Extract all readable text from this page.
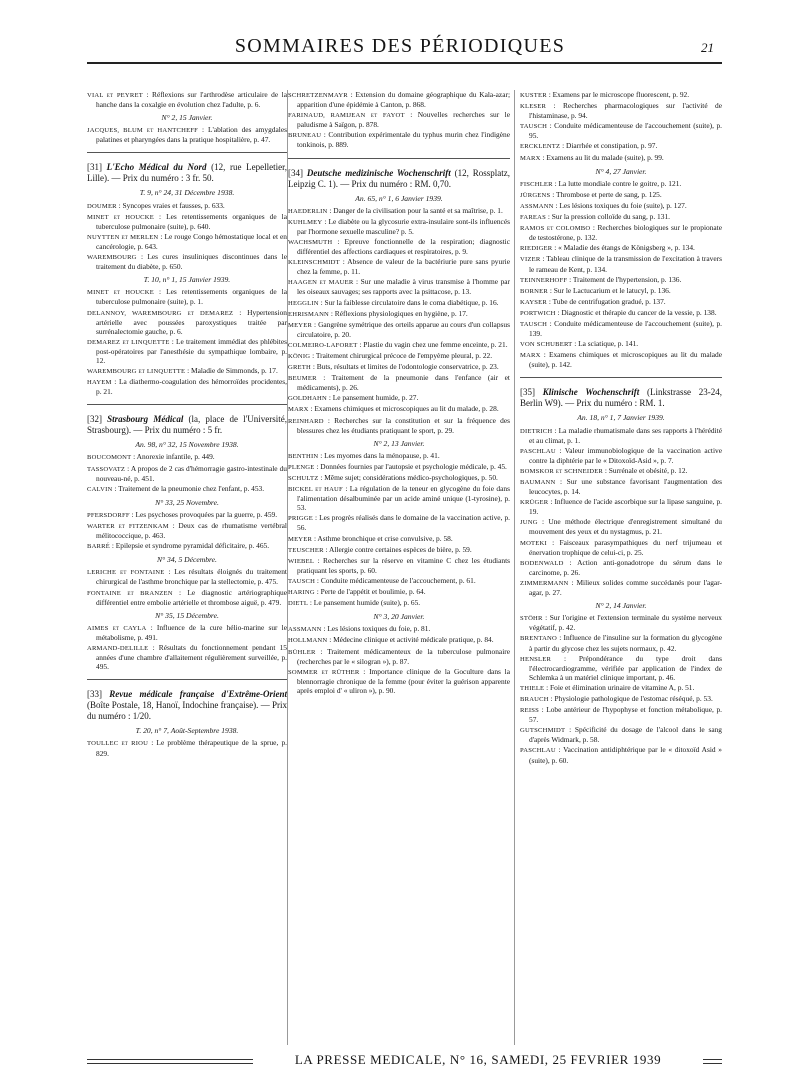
SOMMAIRES DES PÉRIODIQUES	21
VIAL et PEYRET : Réflexions sur l'arthrodèse articulaire de la hanche dans la coxalgie en évolution chez l'adulte, p. 6.
N° 2, 15 Janvier.
JACQUES, BLUM et HANTCHEFF : L'ablation des amygdales palatines et pharyngées dans la pratique hospitalière, p. 47.
[31] L'Echo Médical du Nord (12, rue Lepelletier, Lille). — Prix du numéro : 3 fr. 50.
T. 9, n° 24, 31 Décembre 1938.
DOUMER : Syncopes vraies et fausses, p. 633.
MINET et HOUCKE : Les retentissements organiques de la tuberculose pulmonaire (suite), p. 640.
NUYTTEN et MERLEN : Le rouge Congo hémostatique local et en cancérologie, p. 643.
WAREMBOURG : Les cures insuliniques discontinues dans le traitement du diabète, p. 650.
T. 10, n° 1, 15 Janvier 1939.
MINET et HOUCKE : Les retentissements organiques de la tuberculose pulmonaire (suite), p. 1.
DELANNOY, WAREMBOURG et DEMAREZ : Hypertension artérielle avec poussées paroxystiques traitée par surrénalectomie gauche, p. 6.
DEMAREZ et LINQUETTE : Le traitement immédiat des phlébites post-opératoires par l'anesthésie du sympathique lombaire, p. 12.
WAREMBOURG et LINQUETTE : Maladie de Simmonds, p. 17.
HAYEM : La diathermo-coagulation des hémorroïdes procidentes, p. 21.
[32] Strasbourg Médical (la, place de l'Université, Strasbourg). — Prix du numéro : 5 fr.
An. 98, n° 32, 15 Novembre 1938.
BOUCOMONT : Anorexie infantile, p. 449.
TASSOVATZ : A propos de 2 cas d'hémorragie gastro-intestinale du nouveau-né, p. 451.
CALVIN : Traitement de la pneumonie chez l'enfant, p. 453.
N° 33, 25 Novembre.
PFERSDORFF : Les psychoses provoquées par la guerre, p. 459.
WARTER et FITZENKAM : Deux cas de rhumatisme vertébral mélitococcique, p. 463.
BARRÉ : Epilepsie et syndrome pyramidal déficitaire, p. 465.
N° 34, 5 Décembre.
LERICHE et FONTAINE : Les résultats éloignés du traitement chirurgical de l'asthme bronchique par la stellectomie, p. 475.
FONTAINE et BRANZEN : Le diagnostic artériographique différentiel entre embolie artérielle et thrombose aiguë, p. 479.
N° 35, 15 Décembre.
AIMES et CAYLA : Influence de la cure hélio-marine sur le métabolisme, p. 491.
ARMAND-DELILLE : Résultats du fonctionnement pendant 15 années d'une chambre d'allaitement régulièrement surveillée, p. 495.
[33] Revue médicale française d'Extrême-Orient (Boîte Postale, 18, Hanoï, Indochine française). — Prix du numéro : 1/20.
T. 20, n° 7, Août-Septembre 1938.
TOULLEC et RIOU : Le problème thérapeutique de la sprue, p. 829.
SCHRETZENMAYR : Extension du domaine géographique du Kala-azar; apparition d'une épidémie à Canton, p. 868.
FARINAUD, RAMIJEAN et FAYOT : Nouvelles recherches sur le paludisme à Saïgon, p. 878.
BRUNEAU : Contribution expérimentale du typhus murin chez l'indigène tonkinois, p. 889.
[34] Deutsche medizinische Wochenschrift (12, Rossplatz, Leipzig C. 1). — Prix du numéro : RM. 0,70.
An. 65, n° 1, 6 Janvier 1939.
HAEDERLIN : Danger de la civilisation pour la santé et sa maîtrise, p. 1.
KUHLMEY : Le diabète ou la glycosurie extra-insulaire sont-ils influencés par l'hormone sexuelle masculine? p. 5.
WACHSMUTH : Epreuve fonctionnelle de la respiration; diagnostic différentiel des affections cardiaques et respiratoires, p. 9.
KLEINSCHMIDT : Absence de valeur de la bactériurie pure sans pyurie chez la femme, p. 11.
HAAGEN et MAUER : Sur une maladie à virus transmise à l'homme par les oiseaux sauvages; ses rapports avec la psittacose, p. 13.
HEGGLIN : Sur la faiblesse circulatoire dans le coma diabétique, p. 16.
EHRISMANN : Réflexions physiologiques en hygiène, p. 17.
MEYER : Gangrène symétrique des orteils apparue au cours d'un collapsus circulatoire, p. 20.
COLMEIRO-LAFORET : Plastie du vagin chez une femme enceinte, p. 21.
KÖNIG : Traitement chirurgical précoce de l'empyème pleural, p. 22.
GRETH : Buts, résultats et limites de l'odontologie conservatrice, p. 23.
BEUMER : Traitement de la pneumonie dans l'enfance (air et médicaments), p. 26.
GOLDHAHN : Le pansement humide, p. 27.
MARX : Examens chimiques et microscopiques au lit du malade, p. 28.
REINHARD : Recherches sur la constitution et sur la fréquence des blessures chez les étudiants pratiquant le sport, p. 29.
N° 2, 13 Janvier.
BENTHIN : Les myomes dans la ménopause, p. 41.
PLENGE : Données fournies par l'autopsie et psychologie médicale, p. 45.
SCHULTZ : Même sujet; considérations médico-psychologiques, p. 50.
BICKEL et HAUF : La régulation de la teneur en glycogène du foie dans l'alimentation désalbuminée par un acide aminé unique (1-tyrosine), p. 53.
PRIGGE : Les progrès réalisés dans le domaine de la vaccination active, p. 56.
MEYER : Asthme bronchique et crise convulsive, p. 58.
TEUSCHER : Allergie contre certaines espèces de bière, p. 59.
WIEBEL : Recherches sur la réserve en vitamine C chez les étudiants pratiquant les sports, p. 60.
TAUSCH : Conduite médicamenteuse de l'accouchement, p. 61.
HARING : Perte de l'appétit et boulimie, p. 64.
DIETL : Le pansement humide (suite), p. 65.
N° 3, 20 Janvier.
ASSMANN : Les lésions toxiques du foie, p. 81.
HOLLMANN : Médecine clinique et activité médicale pratique, p. 84.
BÜHLER : Traitement médicamenteux de la tuberculose pulmonaire (recherches par le « silogran »), p. 87.
SOMMER et RÜTHER : Importance clinique de la Goculture dans la blennorragie chronique de la femme (pour éviter la guérison apparente après emploi d' « uliron »), p. 90.
KUSTER : Examens par le microscope fluorescent, p. 92.
KLESER : Recherches pharmacologiques sur l'activité de l'histaminase, p. 94.
TAUSCH : Conduite médicamenteuse de l'accouchement (suite), p. 95.
ERCKLENTZ : Diarrhée et constipation, p. 97.
MARX : Examens au lit du malade (suite), p. 99.
N° 4, 27 Janvier.
FISCHLER : La lutte mondiale contre le goitre, p. 121.
JÜRGENS : Thrombose et perte de sang, p. 125.
ASSMANN : Les lésions toxiques du foie (suite), p. 127.
FAREAS : Sur la pression colloïde du sang, p. 131.
RAMOS et COLOMBO : Recherches biologiques sur le propionate de testostérone, p. 132.
RIEDIGER : « Maladie des étangs de Königsberg », p. 134.
VIZER : Tableau clinique de la transmission de l'excitation à travers le rameau de Kent, p. 134.
TEINNERHOFF : Traitement de l'hypertension, p. 136.
BORNER : Sur le Lactucarium et le latucyl, p. 136.
KAYSER : Tube de centrifugation gradué, p. 137.
PORTWICH : Diagnostic et thérapie du cancer de la vessie, p. 138.
TAUSCH : Conduite médicamenteuse de l'accouchement (suite), p. 139.
VON SCHUBERT : La sciatique, p. 141.
MARX : Examens chimiques et microscopiques au lit du malade (suite), p. 142.
[35] Klinische Wochenschrift (Linkstrasse 23-24, Berlin W9). — Prix du numéro : RM. 1.
An. 18, n° 1, 7 Janvier 1939.
DIETRICH : La maladie rhumatismale dans ses rapports à l'hérédité et au climat, p. 1.
PASCHLAU : Valeur immunobiologique de la vaccination active contre la diphtérie par le « Ditoxoïd-Asid », p. 7.
BOMSKOR et SCHNEIDER : Surrénale et obésité, p. 12.
BAUMANN : Sur une substance favorisant l'augmentation des leucocytes, p. 14.
KRÜGER : Influence de l'acide ascorbique sur la lipase sanguine, p. 19.
JUNG : Une méthode électrique d'enregistrement simultané du mouvement des yeux et du nystagmus, p. 21.
MOTEKI : Faisceaux parasympathiques du nerf trijumeau et énervation trophique de celui-ci, p. 25.
BODENWALD : Action anti-gonadotrope du sérum dans le carcinome, p. 26.
ZIMMERMANN : Milieux solides comme succédanés pour l'agar-agar, p. 27.
N° 2, 14 Janvier.
STÖHR : Sur l'origine et l'extension terminale du système nerveux végétatif, p. 42.
BRENTANO : Influence de l'insuline sur la formation du glycogène à partir du glycose chez les sujets normaux, p. 42.
HENSLER : Prépondérance du type droit dans l'électrocardiogramme, vérifiée par application de l'index de Schlemka à un matériel clinique important, p. 46.
THIELE : Foie et élimination urinaire de vitamine A, p. 51.
BRAUCH : Physiologie pathologique de l'estomac réséqué, p. 53.
REISS : Lobe antérieur de l'hypophyse et fonction métabolique, p. 57.
GUTSCHMIDT : Spécificité du dosage de l'alcool dans le sang d'après Widmark, p. 58.
PASCHLAU : Vaccination antidiphtérique par le « ditoxoïd Asid » (suite), p. 60.
LA PRESSE MEDICALE, N° 16, SAMEDI, 25 FEVRIER 1939
